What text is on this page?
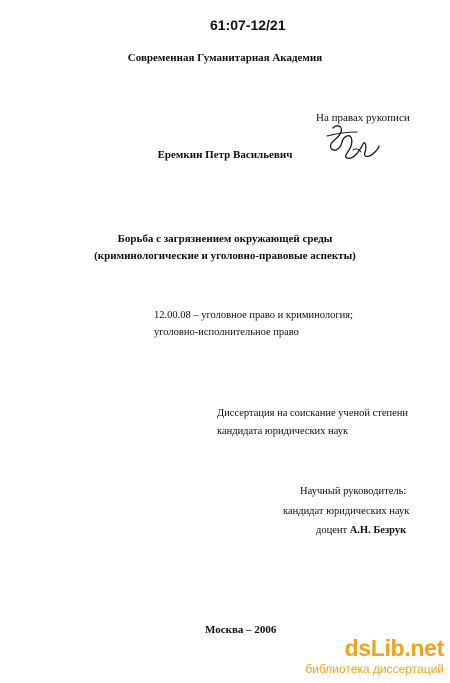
61:07-12/21
Современная Гуманитарная Академия
На правах рукописи
Еремкин Петр Васильевич
Борьба с загрязнением окружающей среды
(криминологические и уголовно-правовые аспекты)
12.00.08 – уголовное право и криминология;
уголовно-исполнительное право
Диссертация на соискание ученой степени
кандидата юридических наук
Научный руководитель:
кандидат юридических наук
доцент А.Н. Безрук
Москва – 2006
dsLib.net
библиотека диссертаций
